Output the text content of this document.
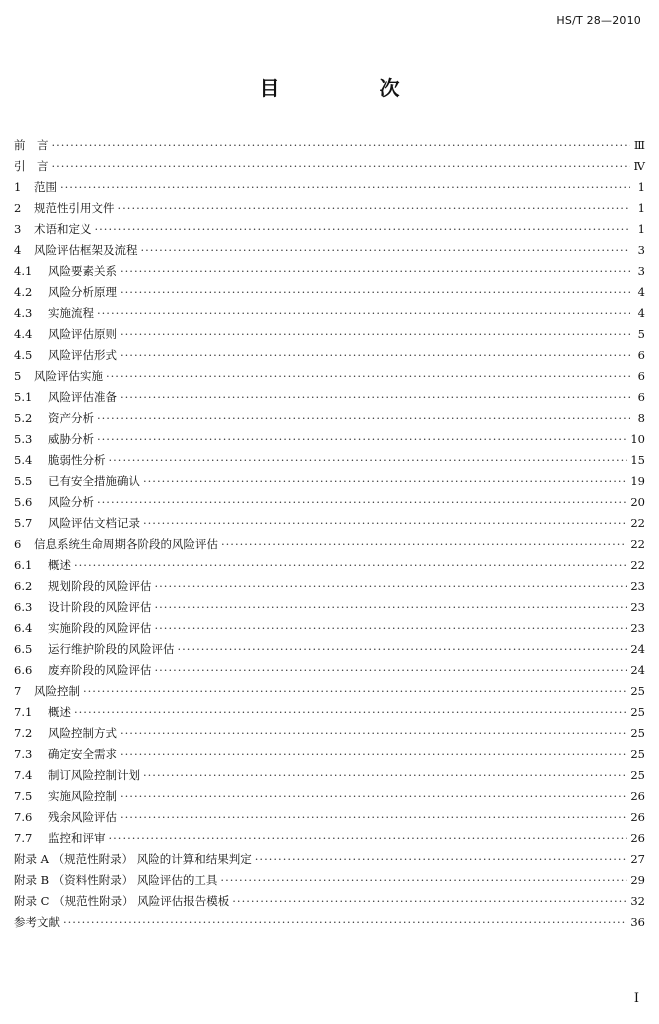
HS/T 28—2010
目　次
前　言 ·····	Ⅲ
引　言 ·····	Ⅳ
1	范围 ·····	1
2	规范性引用文件 ·····	1
3	术语和定义 ·····	1
4	风险评估框架及流程 ·····	3
4.1	风险要素关系 ·····	3
4.2	风险分析原理 ·····	4
4.3	实施流程 ·····	4
4.4	风险评估原则 ·····	5
4.5	风险评估形式 ·····	6
5	风险评估实施 ·····	6
5.1	风险评估准备 ·····	6
5.2	资产分析 ·····	8
5.3	威胁分析 ·····	10
5.4	脆弱性分析 ·····	15
5.5	已有安全措施确认 ·····	19
5.6	风险分析 ·····	20
5.7	风险评估文档记录 ·····	22
6	信息系统生命周期各阶段的风险评估 ·····	22
6.1	概述 ·····	22
6.2	规划阶段的风险评估 ·····	23
6.3	设计阶段的风险评估 ·····	23
6.4	实施阶段的风险评估 ·····	23
6.5	运行维护阶段的风险评估 ·····	24
6.6	废弃阶段的风险评估 ·····	24
7	风险控制 ·····	25
7.1	概述 ·····	25
7.2	风险控制方式 ·····	25
7.3	确定安全需求 ·····	25
7.4	制订风险控制计划 ·····	25
7.5	实施风险控制 ·····	26
7.6	残余风险评估 ·····	26
7.7	监控和评审 ·····	26
附录 A （规范性附录） 风险的计算和结果判定 ·····	27
附录 B （资料性附录） 风险评估的工具 ·····	29
附录 C （规范性附录） 风险评估报告模板 ·····	32
参考文献 ·····	36
Ⅰ
